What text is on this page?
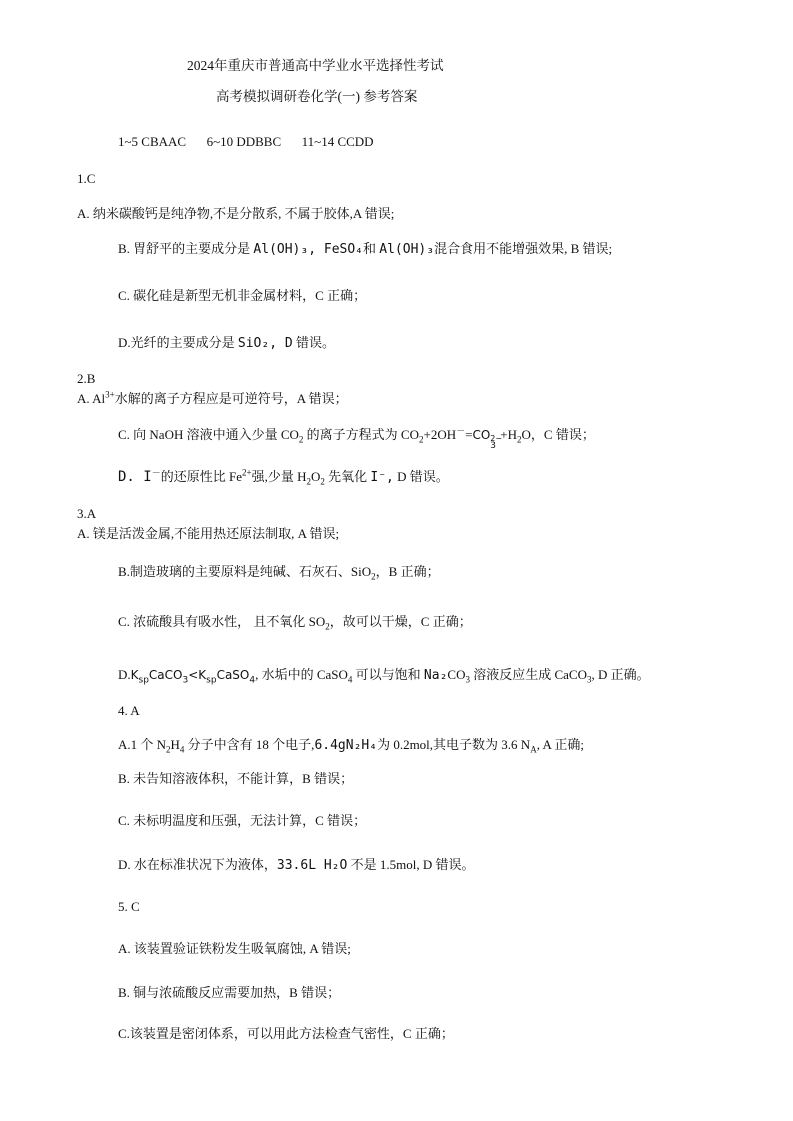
2024年重庆市普通高中学业水平选择性考试
高考模拟调研卷化学(一) 参考答案
1~5 CBAAC 6~10 DDBBC 11~14 CCDD
1.C
A. 纳米碳酸钙是纯净物,不是分散系, 不属于胶体,A 错误;
B. 胃舒平的主要成分是 Al(OH)₃, FeSO₄和 Al(OH)₃混合食用不能增强效果, B 错误;
C. 碳化硅是新型无机非金属材料，C 正确；
D.光纤的主要成分是 SiO₂, D 错误。
2.B
A. $Al^{3+}$水解的离子方程应是可逆符号，A 错误；
C. 向 NaOH 溶液中通入少量 $CO_2$ 的离子方程式为 $CO_2+2OH^-=CO$ 2−
3
$+H_2O$，C 错误；
D. I－的还原性比 $Fe^{2+}$强,少量 $H_2O_2$ 先氧化 I⁻, D 错误。
3.A
A. 镁是活泼金属,不能用热还原法制取, A 错误;
B.制造玻璃的主要原料是纯碱、石灰石、SiO$_2$，B 正确；
C. 浓硫酸具有吸水性， 且不氧化 $SO_2$，故可以干燥，C 正确；
$D.K_{sp}CaCO_3<K_{sp}CaSO_4$, 水垢中的 CaSO$_4$ 可以与饱和 $Na_2CO_3$ 溶液反应生成 CaCO$_3$, D 正确。
4. A
A.1 个 $N_2H_4$ 分子中含有 18 个电子,6.4gN₂H₄为 0.2mol,其电子数为 3.6 $N_A$, A 正确;
B. 未告知溶液体积，不能计算，B 错误；
C. 未标明温度和压强，无法计算，C 错误；
D. 水在标准状况下为液体，33.6L H₂O 不是 1.5mol, D 错误。
5. C
A. 该装置验证铁粉发生吸氧腐蚀, A 错误;
B. 铜与浓硫酸反应需要加热，B 错误；
C.该装置是密闭体系，可以用此方法检查气密性，C 正确；
